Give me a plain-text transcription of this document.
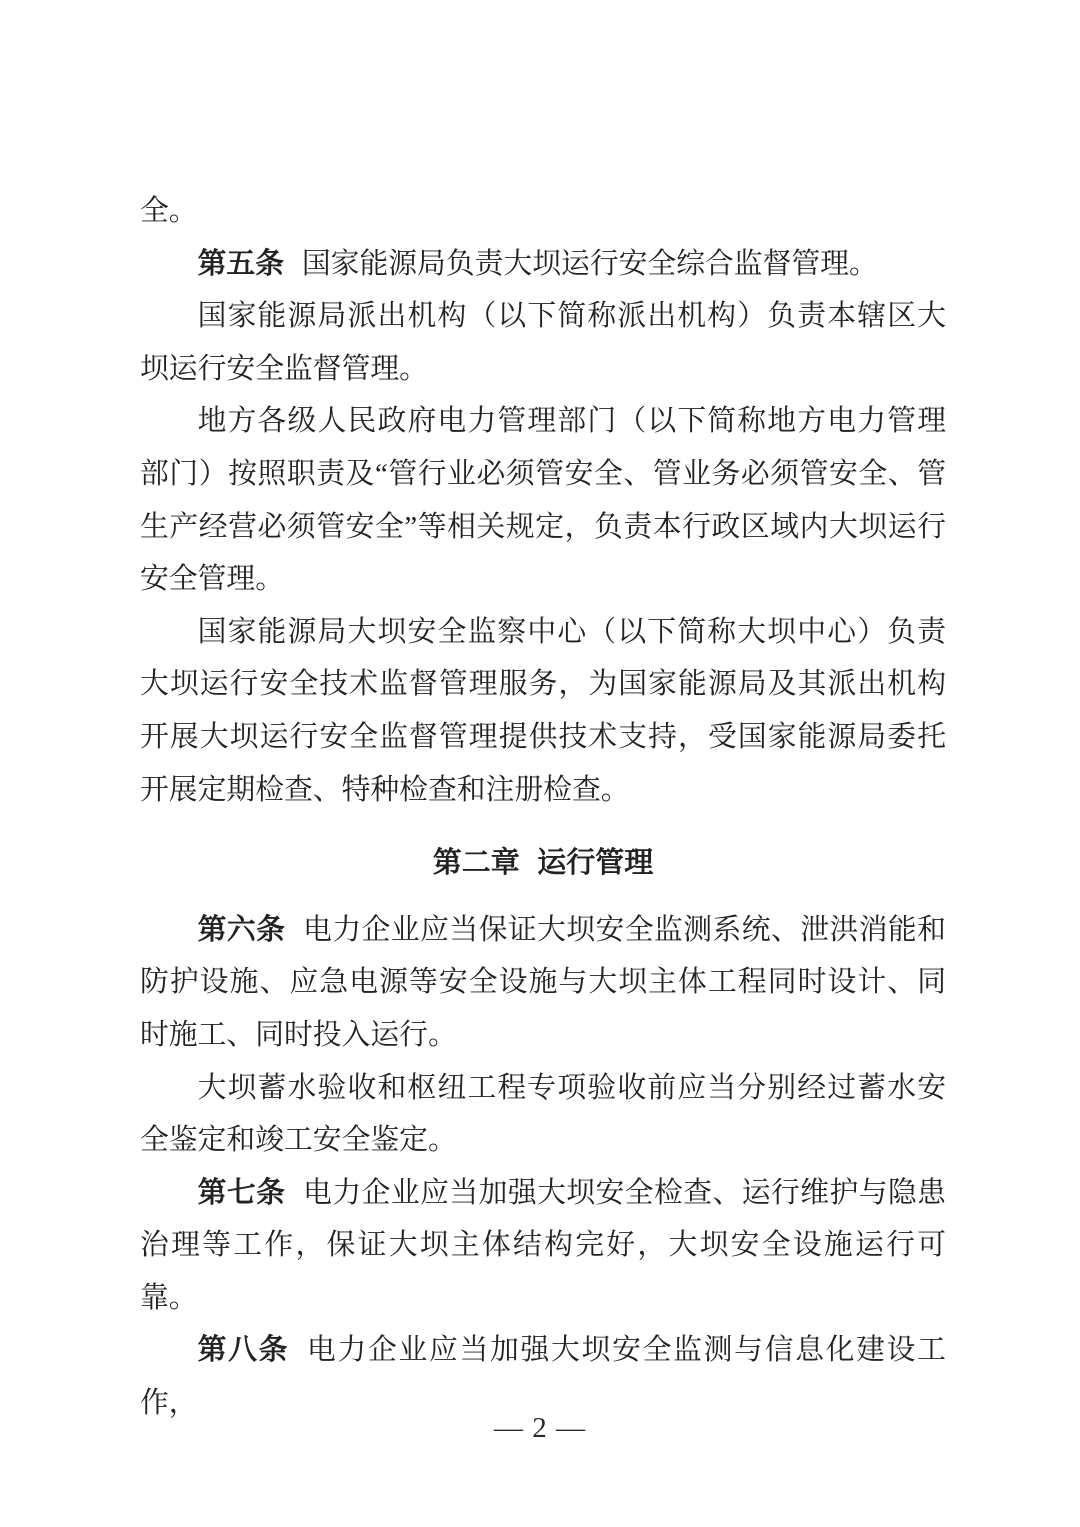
全。

第五条 国家能源局负责大坝运行安全综合监督管理。

国家能源局派出机构（以下简称派出机构）负责本辖区大坝运行安全监督管理。

地方各级人民政府电力管理部门（以下简称地方电力管理部门）按照职责及“管行业必须管安全、管业务必须管安全、管生产经营必须管安全”等相关规定，负责本行政区域内大坝运行安全管理。

国家能源局大坝安全监察中心（以下简称大坝中心）负责大坝运行安全技术监督管理服务，为国家能源局及其派出机构开展大坝运行安全监督管理提供技术支持，受国家能源局委托开展定期检查、特种检查和注册检查。

第二章 运行管理

第六条 电力企业应当保证大坝安全监测系统、泄洪消能和防护设施、应急电源等安全设施与大坝主体工程同时设计、同时施工、同时投入运行。

大坝蓄水验收和枢纽工程专项验收前应当分别经过蓄水安全鉴定和竣工安全鉴定。

第七条 电力企业应当加强大坝安全检查、运行维护与隐患治理等工作，保证大坝主体结构完好，大坝安全设施运行可靠。

第八条 电力企业应当加强大坝安全监测与信息化建设工作，

— 2 —
